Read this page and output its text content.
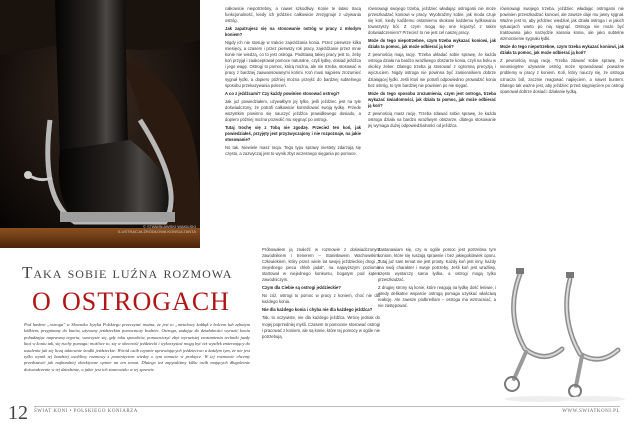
© STANISŁAWSKI WAKIŁSKI
ILUSTRACJA ŹRÓDŁOWA KONSULTANTA
Taka sobie luźna rozmowa
o ostrogach
Pod hasłem „ostroga" w Słowniku Języka Polskiego przeczytać można, że jest to „metalowy kabłąk z bolcem lub zębatym kółkiem, przypinany do butów, używany jeździeckim pomocniczy bodziec. Ostroga, zadając do działalności wyrazić konia pobudzając naprawną tegoria, wzorzyste się, gdy toku sposobów, pomocniczyć zbyt wyrazistej zrozumienia techniki jazdy ktoś w koniu tak, się ruchy pomaga; możliwe to, się w obecność jeździecki i wykorzystać mogą być też wysiłek zmierzający do ustalenia jak się liczą taktownie środki jeździeckie. Wśród osób czynnie uprawiających jeździectwo a każdym tym, że nie jest tylko wynik tej bardziej osobliwy rozmowy z pominięciem wiedzy o tym temacie w praktyce. W tej rozmowie chcemy przedstawić jak najbardziej obiektywne opinie na ten temat. Dlatego też zapytaliśmy kilku osób mających długoletnie doświadczenie w tej dziedzinie, a jakie jest ich stanowisko w tej sprawie.

całkowicie niepotrzebny, a nawet szkodliwy. Konie te łatwo tracą funkcjonalność, kiedy ich jeździec całkowicie zrezygnuje z używania ostróg.

Jak zapatrujesz się na stosowanie ostróg w pracy z młodym koniem?

Nigdy ich nie stosuję w trakcie zajeżdżania konia. Przez pierwsze kilka miesięcy, a czasem i przez pierwszy rok pracy, zajeżdżanie przez mnie konie nie wiedzą, co to jest ostroga. Podstawą takiej pracy jest to, żeby koń przyjął i zaakceptował pomoce naturalne, czyli łydkę, dosiad jeźdźca i jego wagę. Ostrogi to pomoc, którą można, ale nie trzeba, stosować w pracy z bardziej zaawansowanymi końmi. Koń musi najpierw zrozumieć sygnał łydki, a dopiero później można przejść do bardziej subtelnego sposobu przekazywania poleceń.

A co z jeźdźcami? Czy każdy powinien stosować ostrogi?

Jak już powiedziałem, używałbym jej tylko, jeśli jeździec jest na tyle doświadczony, że potrafi całkowicie kontrolować swoją łydkę. Przede wszystkim powinno się nauczyć jeźdźca prawidłowego dosiadu, a dopiero później można pozwolić mu sięgnąć po ostrogi.

Tutaj trochę się z Tobą nie zgodzę. Przecież ten koń, jak powiedziałeś, przyjęty jest przyzwyczajony i nie rozpoznaje, na jakie stosowanie?

No tak. Niewiele masz racja. Tego typu sprawy niestety zdarzają się często, a zazwyczaj jest to wynik zbyt wczesnego sięgania po pomoce.

równowagi swojego trzeba, jeździec władając ostrogami nie może przeszkadzać koniowi w pracy. Wyobraźmy sobie, jak moda czuje się koń, kiedy kaźdemu ostatniemu skokowi kaźdemu łydkowaniu towarzyszy ból. Z czym mogą się one kojarzyć z takim doświadczeniem? Przecież to nie jest cel naszej pracy.

Może do tego niepotrzebne, czym trzeba wykazać koniowi, jak działa ta pomoc, jak może odbierać ją koń?

Z pewnością mają rację. Trzeba układać sobie sprawę, że każda ostroga działa na bardzo wrażliwego obszarze konia, czyli na boku w okolicy żeber. Dlatego trzeba ją stosować z ogromną precyzją i wyczuciem. Nigdy ostroga nie powinna być zamiennikiem dobrze działającej łydki. Jeśli ktoś nie potrafi odpowiednio prowadzić konia bez ostróg, to tym bardziej nie powinien po nie sięgać.

Może do tego sposobu zrozumienia, czym jest ostroga, trzeba wykazać świadomości, jak działa ta pomoc, jak może odbierać ją koń?

Z pewnością masz rację. Trzeba zdawać sobie sprawę, że każda ostroga działa na bardzo wrażliwym obszarze, dlatego stosowanie jej wymaga dużej odpowiedzialności od jeźdźca.

równowagi swojego trzeba, jeździec władając ostrogami nie powinien przeszkadzać koniowi, ale zawsze daje mu jasny sygnał. Ważne jest to, aby jeździec wiedział, jak działa ostroga i w jakich sytuacjach warto po nią sięgnąć. Ostroga nie może być traktowana jako narzędzie karania konia, ale jako subtelne wzmocnienie sygnału łydki.

Może do tego niepotrzebne, czym trzeba wykazać koniowi, jak działa ta pomoc, jak może odbierać ją koń?

Z pewnością mają rację. Trzeba zdawać sobie sprawę, że nieumiejętne używanie ostróg może spowodować poważne problemy w pracy z koniem. Koń, który nauczy się, że ostroga oznacza ból, zacznie reagować napięciem, a nawet buntem. Dlatego tak ważne jest, aby jeździec przed sięgnięciem po ostrogi opanował dobrze dosiad i działanie łydką.

Próbowałem ją znaleźć w rozmowie z doświadczonym zawodnikiem i trenerem – Stanisławem Wachowskim. Człowiekiem, który przez wiele lat swojej jeździeckiej drogi „z niejednego pieca chleb jadał", na najwyższym poziomie startował w niejednego konkursu, bogatym pod kątem zawodniczym.

Czym dla Ciebie są ostrogi jeździeckie?

No cóż, ostrogi to pomoc w pracy z koniem, choć nie dla każdego konia.

Nie dla każdego konia i chyba nie dla każdego jeźdźca?

Tak, to oczywiste, nie dla każdego jeźdźca. Wrócę jednak do mojej poprzedniej myśli. Czasem to pomocnie stosować ostrogi i pracować z koniem, ale są konie, które tej pomocy w ogóle nie potrzebują.

Zastanawiam się, czy w ogóle pomoc jest potrzebna tym koniom, które się ruszają sprawnie i bez jakiegokolwiek oporu. Tutaj już sam temat nie jest prosty. Każdy koń jest inny, każdy ma swój charakter i swoje potrzeby. Jeśli koń jest wrażliwy, często wystarczy sama łydka, a ostrogi mogą tylko przeszkadzać.

Z drugiej strony są konie, które reagują na łydkę dość leniwie, i wtedy delikatne wsparcie ostrogą pomaga uzyskać właściwą reakcję. Ale zawsze podkreślam – ostroga ma wzmacniać, a nie zastępować.

12 ŚWIAT KONI • POLSKIEGO KONIARZA	WWW.SWIATKONI.PL
